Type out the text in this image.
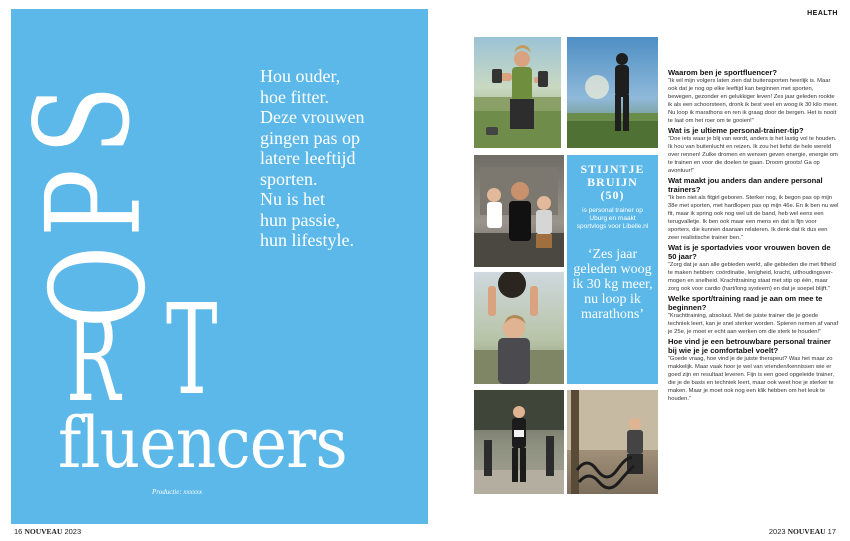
S
P
O
R T
fluencers
Productie: xxxxxx
Hou ouder,
hoe fitter.
Deze vrouwen
gingen pas op
latere leeftijd
sporten.
Nu is het
hun passie,
hun lifestyle.
16 NOUVEAU 2023
HEALTH
STIJNTJE
BRUIJN
(50)
is personal trainer op Uburg en maakt sportvlogs voor Libelle.nl
‘Zes jaar geleden woog ik 30 kg meer, nu loop ik marathons’

Waarom ben je sportfluencer?

“Ik wil mijn volgers laten zien dat buitensporten heerlijk is. Maar ook dat je nog op elke leeftijd kan beginnen met sporten, bewegen, gezonder en gelukkiger leven! Zes jaar geleden rookte ik als een schoorsteen, dronk ik best veel en woog ik 30 kilo meer. Nu loop ik marathons en ren ik graag door de bergen. Het is nooit te laat om het roer om te gooien!”

Wat is je ultieme personal-trainer-tip?

“Doe iets waar je blij van wordt, anders is het lastig vol te houden. Ik hou van buitenlucht en reizen. Ik zou het liefst de hele wereld over rennen! Zulke dromen en wensen geven energie, energie om te trainen en voor die doelen te gaan. Droom groots! Ga op avontuur!”

Wat maakt jou anders dan andere personal trainers?

“Ik ben niet als fitgirl geboren. Sterker nog, ik begon pas op mijn 38e met sporten, met hardlopen pas op mijn 46e. En ik ben nu wel fit, maar ik spring ook nog wel uit de band, heb wel eens een terugvalletje. Ik ben ook maar een mens en dat is fijn voor sporters, die kunnen daaraan relateren. Ik denk dat ik dus een zeer realistische trainer ben.”

Wat is je sportadvies voor vrouwen boven de 50 jaar?

“Zorg dat je aan alle gebieden werkt, alle gebieden die met fitheid te maken hebben: coördinatie, lenigheid, kracht, uithoudingsver-mogen en snelheid. Krachttraining staat met stip op één, maar zorg ook voor cardio (hart/long systeem) en dat je soepel blijft.”

Welke sport/training raad je aan om mee te beginnen?

“Krachttraining, absoluut. Met de juiste trainer die je goede techniek leert, kan je snel sterker worden. Spieren nemen af vanaf je 25e, je moet er echt aan werken om die sterk te houden!”

Hoe vind je een betrouwbare personal trainer bij wie je je comfortabel voelt?

“Goede vraag, hoe vind je de juiste therapeut? Was het maar zo makkelijk. Maar vaak hoor je wel van vrienden/kennissen wie er goed zijn en resultaat leveren. Fijn is een goed opgeleide trainer, die je de basis en techniek leert, maar ook weet hoe je sterker te maken. Maar je moet ook nog een klik hebben om het leuk te houden.”

2023 NOUVEAU 17
